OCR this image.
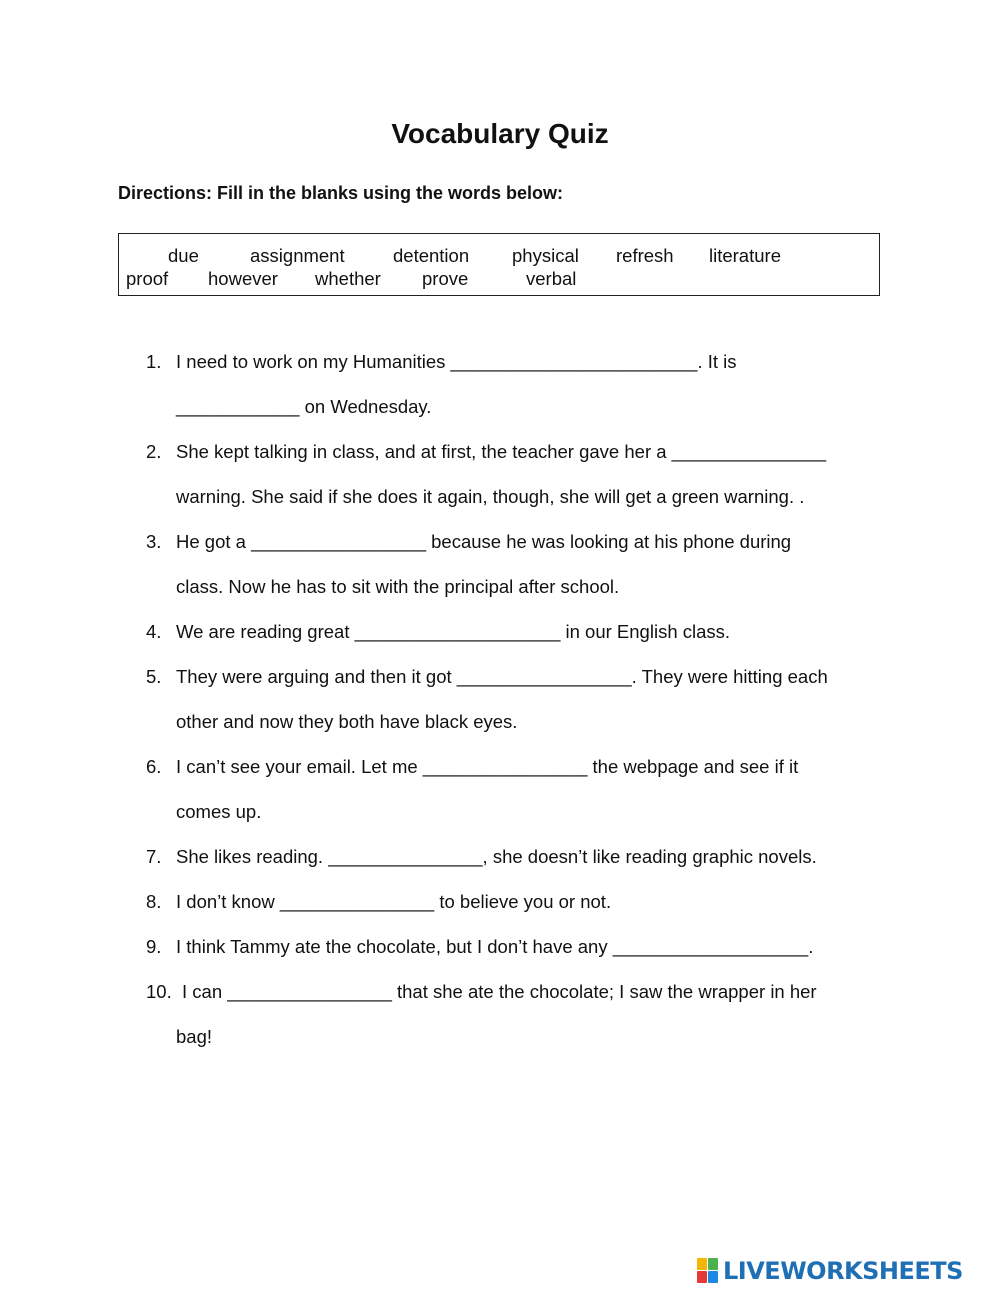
Vocabulary Quiz
Directions: Fill in the blanks using the words below:
due	assignment	detention physical refresh literature
proof however whether prove	verbal
1. I need to work on my Humanities ________________________. It is
____________ on Wednesday.
2. She kept talking in class, and at first, the teacher gave her a _______________
warning. She said if she does it again, though, she will get a green warning. .
3. He got a _________________ because he was looking at his phone during
class. Now he has to sit with the principal after school.
4. We are reading great ____________________ in our English class.
5. They were arguing and then it got _________________. They were hitting each
other and now they both have black eyes.
6. I can’t see your email. Let me ________________ the webpage and see if it
comes up.
7. She likes reading. _______________, she doesn’t like reading graphic novels.
8. I don’t know _______________ to believe you or not.
9. I think Tammy ate the chocolate, but I don’t have any ___________________.
10. I can ________________ that she ate the chocolate; I saw the wrapper in her
bag!
LIVEWORKSHEETS
